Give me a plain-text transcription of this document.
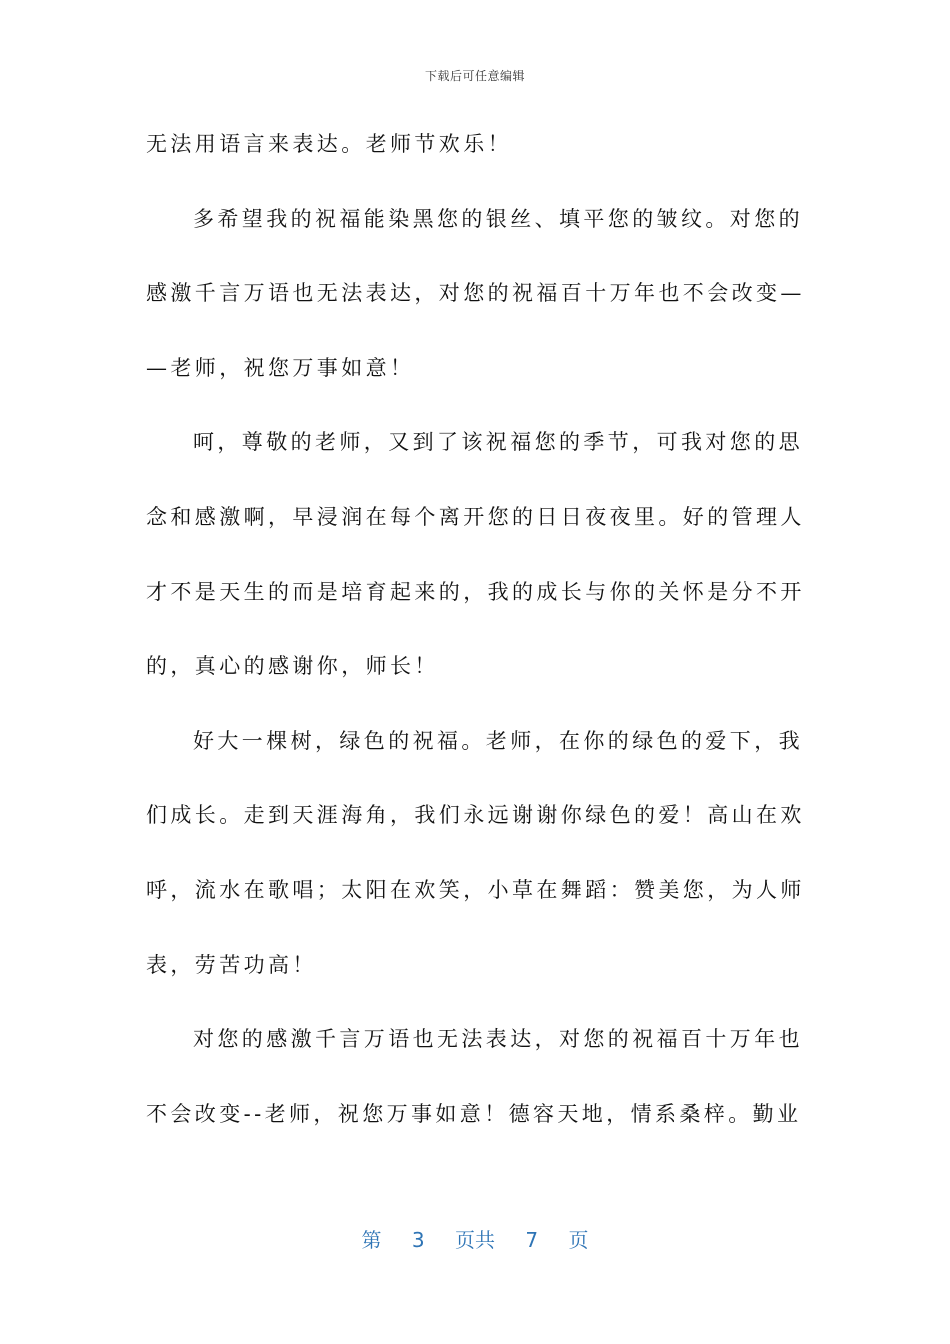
下载后可任意编辑
无法用语言来表达。老师节欢乐！
多希望我的祝福能染黑您的银丝、填平您的皱纹。对您的
感激千言万语也无法表达，对您的祝福百十万年也不会改变—
—老师，祝您万事如意！
呵，尊敬的老师，又到了该祝福您的季节，可我对您的思
念和感激啊，早浸润在每个离开您的日日夜夜里。好的管理人
才不是天生的而是培育起来的，我的成长与你的关怀是分不开
的，真心的感谢你，师长！
好大一棵树，绿色的祝福。老师，在你的绿色的爱下，我
们成长。走到天涯海角，我们永远谢谢你绿色的爱！高山在欢
呼，流水在歌唱；太阳在欢笑，小草在舞蹈：赞美您，为人师
表，劳苦功高！
对您的感激千言万语也无法表达，对您的祝福百十万年也
不会改变--老师，祝您万事如意！德容天地，情系桑梓。勤业
第 3 页共 7 页
